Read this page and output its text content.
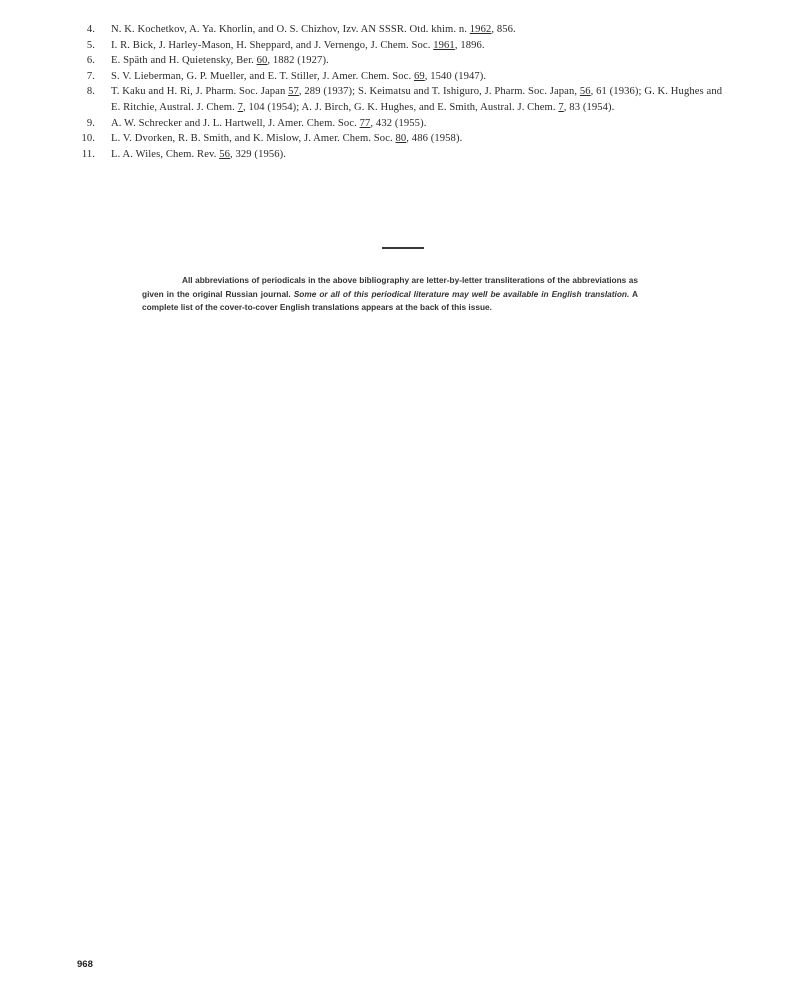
4. N. K. Kochetkov, A. Ya. Khorlin, and O. S. Chizhov, Izv. AN SSSR. Otd. khim. n. 1962, 856.
5. I. R. Bick, J. Harley-Mason, H. Sheppard, and J. Vernengo, J. Chem. Soc. 1961, 1896.
6. E. Späth and H. Quietensky, Ber. 60, 1882 (1927).
7. S. V. Lieberman, G. P. Mueller, and E. T. Stiller, J. Amer. Chem. Soc. 69, 1540 (1947).
8. T. Kaku and H. Ri, J. Pharm. Soc. Japan 57, 289 (1937); S. Keimatsu and T. Ishiguro, J. Pharm. Soc. Japan, 56, 61 (1936); G. K. Hughes and E. Ritchie, Austral. J. Chem. 7, 104 (1954); A. J. Birch, G. K. Hughes, and E. Smith, Austral. J. Chem. 7, 83 (1954).
9. A. W. Schrecker and J. L. Hartwell, J. Amer. Chem. Soc. 77, 432 (1955).
10. L. V. Dvorken, R. B. Smith, and K. Mislow, J. Amer. Chem. Soc. 80, 486 (1958).
11. L. A. Wiles, Chem. Rev. 56, 329 (1956).

All abbreviations of periodicals in the above bibliography are letter-by-letter transliterations of the abbreviations as given in the original Russian journal. Some or all of this periodical literature may well be available in English translation. A complete list of the cover-to-cover English translations appears at the back of this issue.

968
